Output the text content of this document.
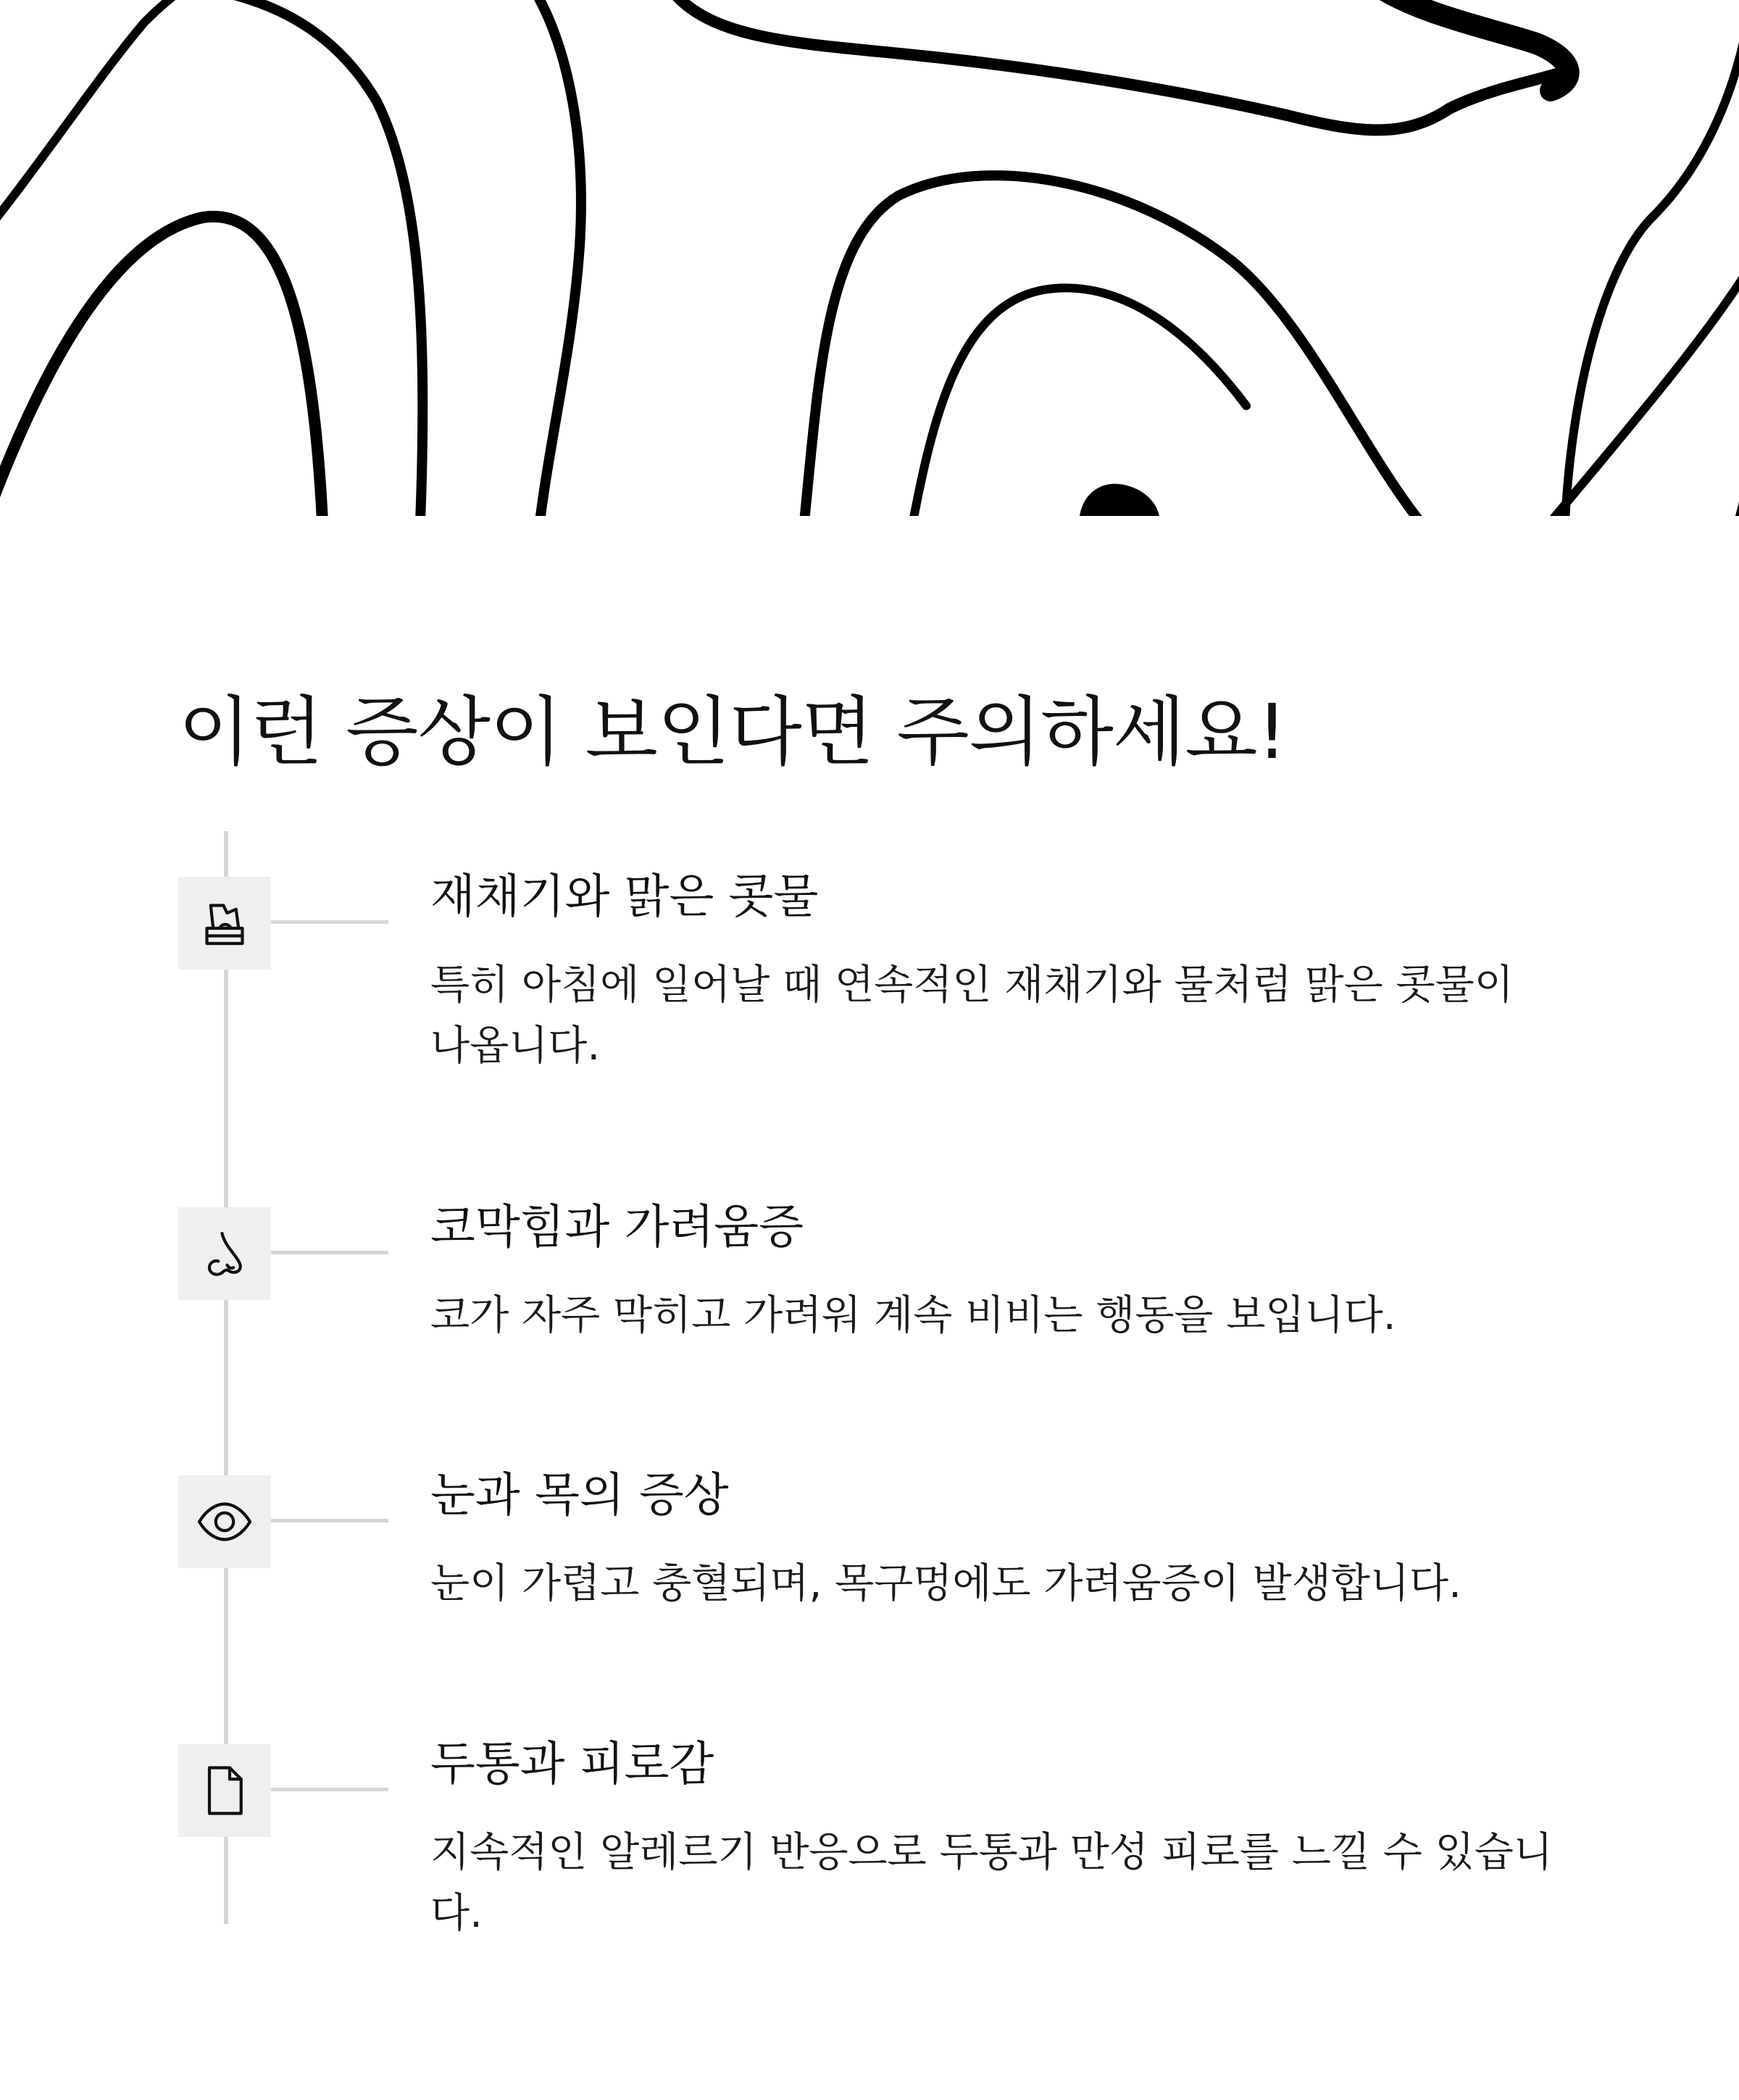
이런 증상이 보인다면 주의하세요!
재채기와 맑은 콧물

특히 아침에 일어날 때 연속적인 재채기와 물처럼 맑은 콧물이 나옵니다.

코막힘과 가려움증

코가 자주 막히고 가려워 계속 비비는 행동을 보입니다.

눈과 목의 증상

눈이 가렵고 충혈되며, 목구멍에도 가려움증이 발생합니다.

두통과 피로감

지속적인 알레르기 반응으로 두통과 만성 피로를 느낄 수 있습니다.
